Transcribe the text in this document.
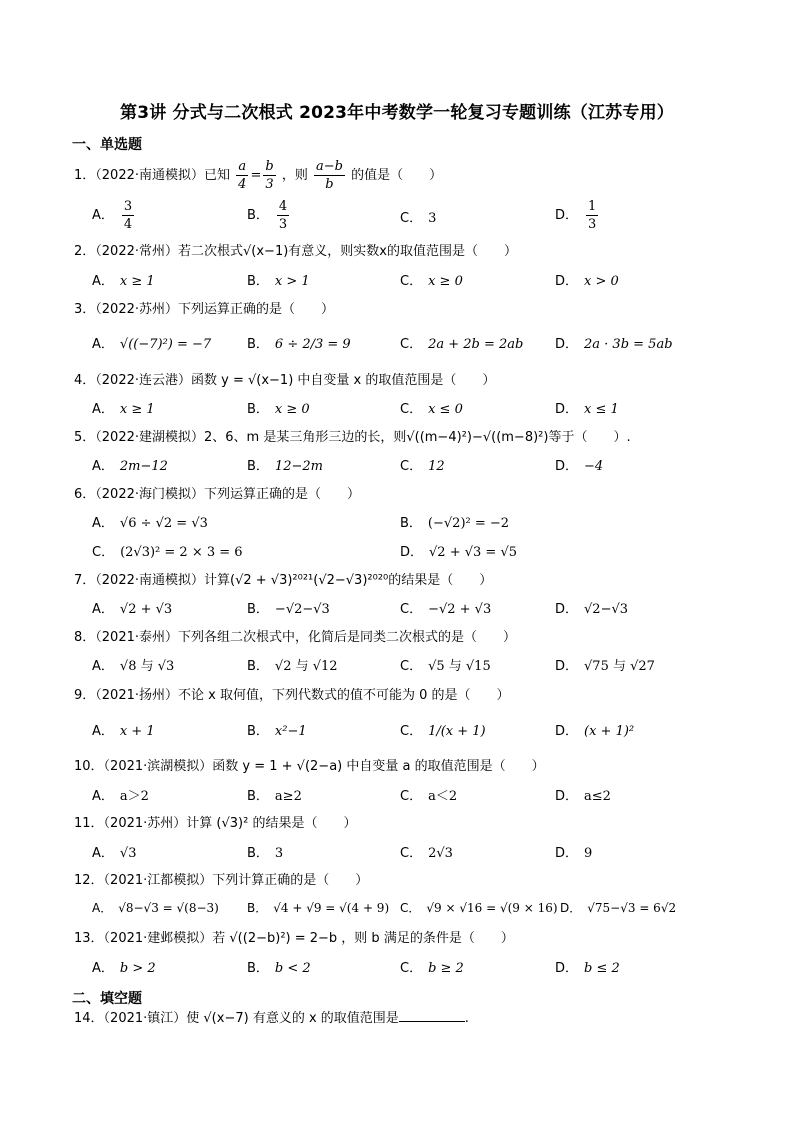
第3讲 分式与二次根式 2023年中考数学一轮复习专题训练（江苏专用）
一、单选题
1．（2022·南通模拟）已知 $\frac{a}{4} = \frac{b}{3}$ ，则 $\frac{a-b}{b}$ 的值是（　　）
A． $\frac{3}{4}$	B． $\frac{4}{3}$	C． 3	D． $\frac{1}{3}$
2．（2022·常州）若二次根式√(x−1)有意义，则实数x的取值范围是（　　）
A． x ≥ 1	B． x > 1	C． x ≥ 0	D． x > 0
3．（2022·苏州）下列运算正确的是（　　）
A． √((−7)²) = −7	B． 6 ÷ 2/3 = 9	C． 2a + 2b = 2ab D． 2a · 3b = 5ab
4．（2022·连云港）函数 y = √(x−1) 中自变量 x 的取值范围是（　　）
A． x ≥ 1	B． x ≥ 0	C． x ≤ 0	D． x ≤ 1
5．（2022·建湖模拟）2、6、m 是某三角形三边的长，则√((m−4)²)−√((m−8)²)等于（　　）.
A． 2m−12	B． 12−2m	C． 12	D． −4
6．（2022·海门模拟）下列运算正确的是（　　）
A． √6 ÷ √2 = √3	B． (−√2)² = −2
C． (2√3)² = 2 × 3 = 6	D． √2 + √3 = √5
7．（2022·南通模拟）计算(√2 + √3)²⁰²¹(√2−√3)²⁰²⁰的结果是（　　）
A． √2 + √3	B． −√2−√3	C． −√2 + √3	D． √2−√3
8．（2021·泰州）下列各组二次根式中，化简后是同类二次根式的是（　　）
A． √8 与 √3	B． √2 与 √12	C． √5 与 √15	D． √75 与 √27
9．（2021·扬州）不论 x 取何值，下列代数式的值不可能为 0 的是（　　）
A． x + 1	B． x²−1	C． 1/(x + 1)	D． (x + 1)²
10．（2021·滨湖模拟）函数 y = 1 + √(2−a) 中自变量 a 的取值范围是（　　）
A． a＞2	B． a≥2	C． a＜2	D． a≤2
11．（2021·苏州）计算 (√3)² 的结果是（　　）
A． √3	B． 3	C． 2√3	D． 9
12．（2021·江都模拟）下列计算正确的是（　　）
A． √8−√3 = √(8−3) B． √4 + √9 = √(4 + 9) C． √9 × √16 = √(9 × 16) D． √75−√3 = 6√2
13．（2021·建邺模拟）若 √((2−b)²) = 2−b ，则 b 满足的条件是（　　）
A． b > 2	B． b < 2	C． b ≥ 2	D． b ≤ 2
二、填空题
14．（2021·镇江）使 √(x−7) 有意义的 x 的取值范围是	.
